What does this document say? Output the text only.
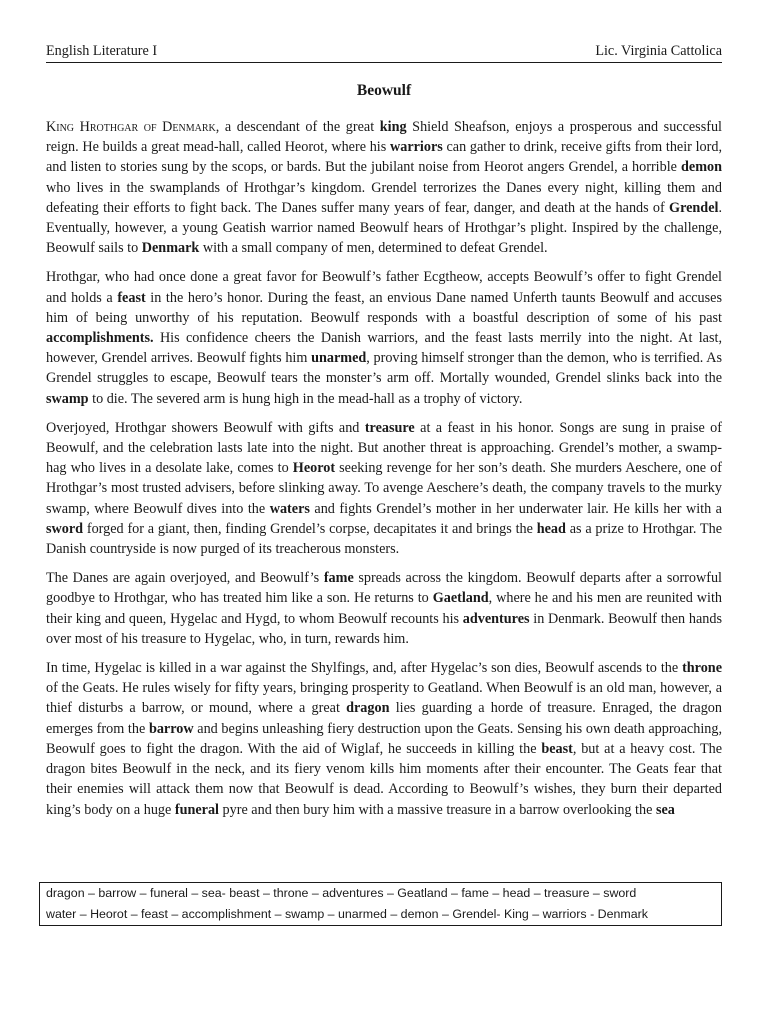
English Literature I	Lic. Virginia Cattolica
Beowulf

King Hrothgar of Denmark, a descendant of the great king Shield Sheafson, enjoys a prosperous and successful reign. He builds a great mead-hall, called Heorot, where his warriors can gather to drink, receive gifts from their lord, and listen to stories sung by the scops, or bards. But the jubilant noise from Heorot angers Grendel, a horrible demon who lives in the swamplands of Hrothgar’s kingdom. Grendel terrorizes the Danes every night, killing them and defeating their efforts to fight back. The Danes suffer many years of fear, danger, and death at the hands of Grendel. Eventually, however, a young Geatish warrior named Beowulf hears of Hrothgar’s plight. Inspired by the challenge, Beowulf sails to Denmark with a small company of men, determined to defeat Grendel.

Hrothgar, who had once done a great favor for Beowulf’s father Ecgtheow, accepts Beowulf’s offer to fight Grendel and holds a feast in the hero’s honor. During the feast, an envious Dane named Unferth taunts Beowulf and accuses him of being unworthy of his reputation. Beowulf responds with a boastful description of some of his past accomplishments. His confidence cheers the Danish warriors, and the feast lasts merrily into the night. At last, however, Grendel arrives. Beowulf fights him unarmed, proving himself stronger than the demon, who is terrified. As Grendel struggles to escape, Beowulf tears the monster’s arm off. Mortally wounded, Grendel slinks back into the swamp to die. The severed arm is hung high in the mead-hall as a trophy of victory.

Overjoyed, Hrothgar showers Beowulf with gifts and treasure at a feast in his honor. Songs are sung in praise of Beowulf, and the celebration lasts late into the night. But another threat is approaching. Grendel’s mother, a swamp-hag who lives in a desolate lake, comes to Heorot seeking revenge for her son’s death. She murders Aeschere, one of Hrothgar’s most trusted advisers, before slinking away. To avenge Aeschere’s death, the company travels to the murky swamp, where Beowulf dives into the waters and fights Grendel’s mother in her underwater lair. He kills her with a sword forged for a giant, then, finding Grendel’s corpse, decapitates it and brings the head as a prize to Hrothgar. The Danish countryside is now purged of its treacherous monsters.

The Danes are again overjoyed, and Beowulf’s fame spreads across the kingdom. Beowulf departs after a sorrowful goodbye to Hrothgar, who has treated him like a son. He returns to Gaetland, where he and his men are reunited with their king and queen, Hygelac and Hygd, to whom Beowulf recounts his adventures in Denmark. Beowulf then hands over most of his treasure to Hygelac, who, in turn, rewards him.

In time, Hygelac is killed in a war against the Shylfings, and, after Hygelac’s son dies, Beowulf ascends to the throne of the Geats. He rules wisely for fifty years, bringing prosperity to Geatland. When Beowulf is an old man, however, a thief disturbs a barrow, or mound, where a great dragon lies guarding a horde of treasure. Enraged, the dragon emerges from the barrow and begins unleashing fiery destruction upon the Geats. Sensing his own death approaching, Beowulf goes to fight the dragon. With the aid of Wiglaf, he succeeds in killing the beast, but at a heavy cost. The dragon bites Beowulf in the neck, and its fiery venom kills him moments after their encounter. The Geats fear that their enemies will attack them now that Beowulf is dead. According to Beowulf’s wishes, they burn their departed king’s body on a huge funeral pyre and then bury him with a massive treasure in a barrow overlooking the sea

dragon – barrow – funeral – sea- beast – throne – adventures – Geatland – fame – head – treasure – sword
water – Heorot – feast – accomplishment – swamp – unarmed – demon – Grendel- King – warriors - Denmark
